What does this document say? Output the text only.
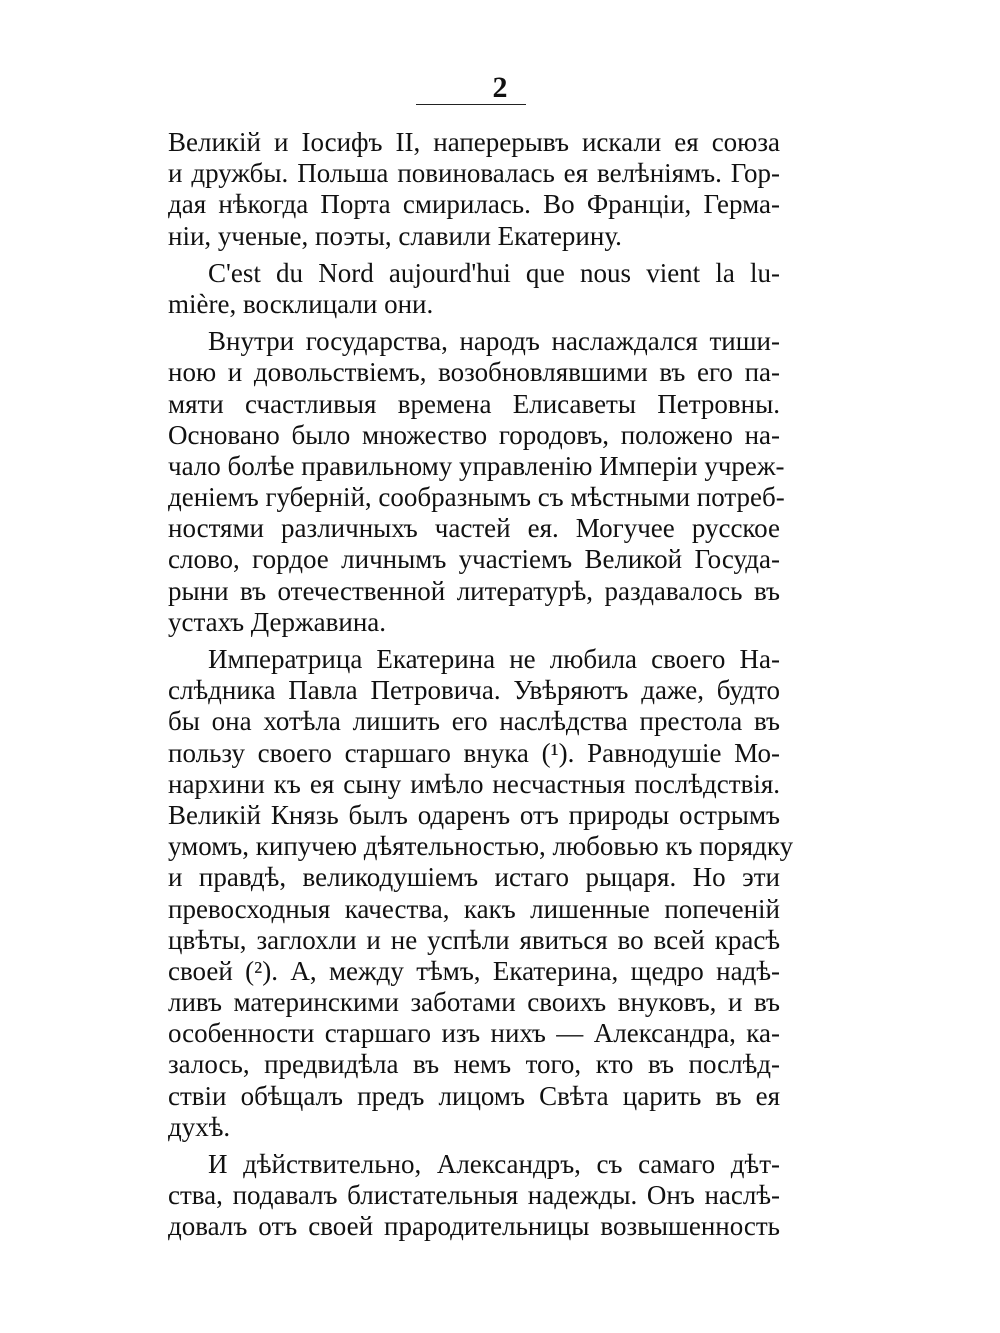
2
Великій и Іосифъ II, наперерывъ искали ея союза
и дружбы. Польша повиновалась ея велѣніямъ. Гор-
дая нѣкогда Порта смирилась. Во Франціи, Герма-
ніи, ученые, поэты, славили Екатерину.
C'est du Nord aujourd'hui que nous vient la lu-
mière, восклицали они.
Внутри государства, народъ наслаждался тиши-
ною и довольствіемъ, возобновлявшими въ его па-
мяти счастливыя времена Елисаветы Петровны.
Основано было множество городовъ, положено на-
чало болѣе правильному управленію Имперіи учреж-
деніемъ губерній, сообразнымъ съ мѣстными потреб-
ностями различныхъ частей ея. Могучее русское
слово, гордое личнымъ участіемъ Великой Госуда-
рыни въ отечественной литературѣ, раздавалось въ
устахъ Державина.
Императрица Екатерина не любила своего На-
слѣдника Павла Петровича. Увѣряютъ даже, будто
бы она хотѣла лишить его наслѣдства престола въ
пользу своего старшаго внука (¹). Равнодушіе Мо-
нархини къ ея сыну имѣло несчастныя послѣдствія.
Великій Князь былъ одаренъ отъ природы острымъ
умомъ, кипучею дѣятельностью, любовью къ порядку
и правдѣ, великодушіемъ истаго рыцаря. Но эти
превосходныя качества, какъ лишенные попеченій
цвѣты, заглохли и не успѣли явиться во всей красѣ
своей (²). А, между тѣмъ, Екатерина, щедро надѣ-
ливъ материнскими заботами своихъ внуковъ, и въ
особенности старшаго изъ нихъ — Александра, ка-
залось, предвидѣла въ немъ того, кто въ послѣд-
ствіи обѣщалъ предъ лицомъ Свѣта царить въ ея
духѣ.
И дѣйствительно, Александръ, съ самаго дѣт-
ства, подавалъ блистательныя надежды. Онъ наслѣ-
довалъ отъ своей прародительницы возвышенность
